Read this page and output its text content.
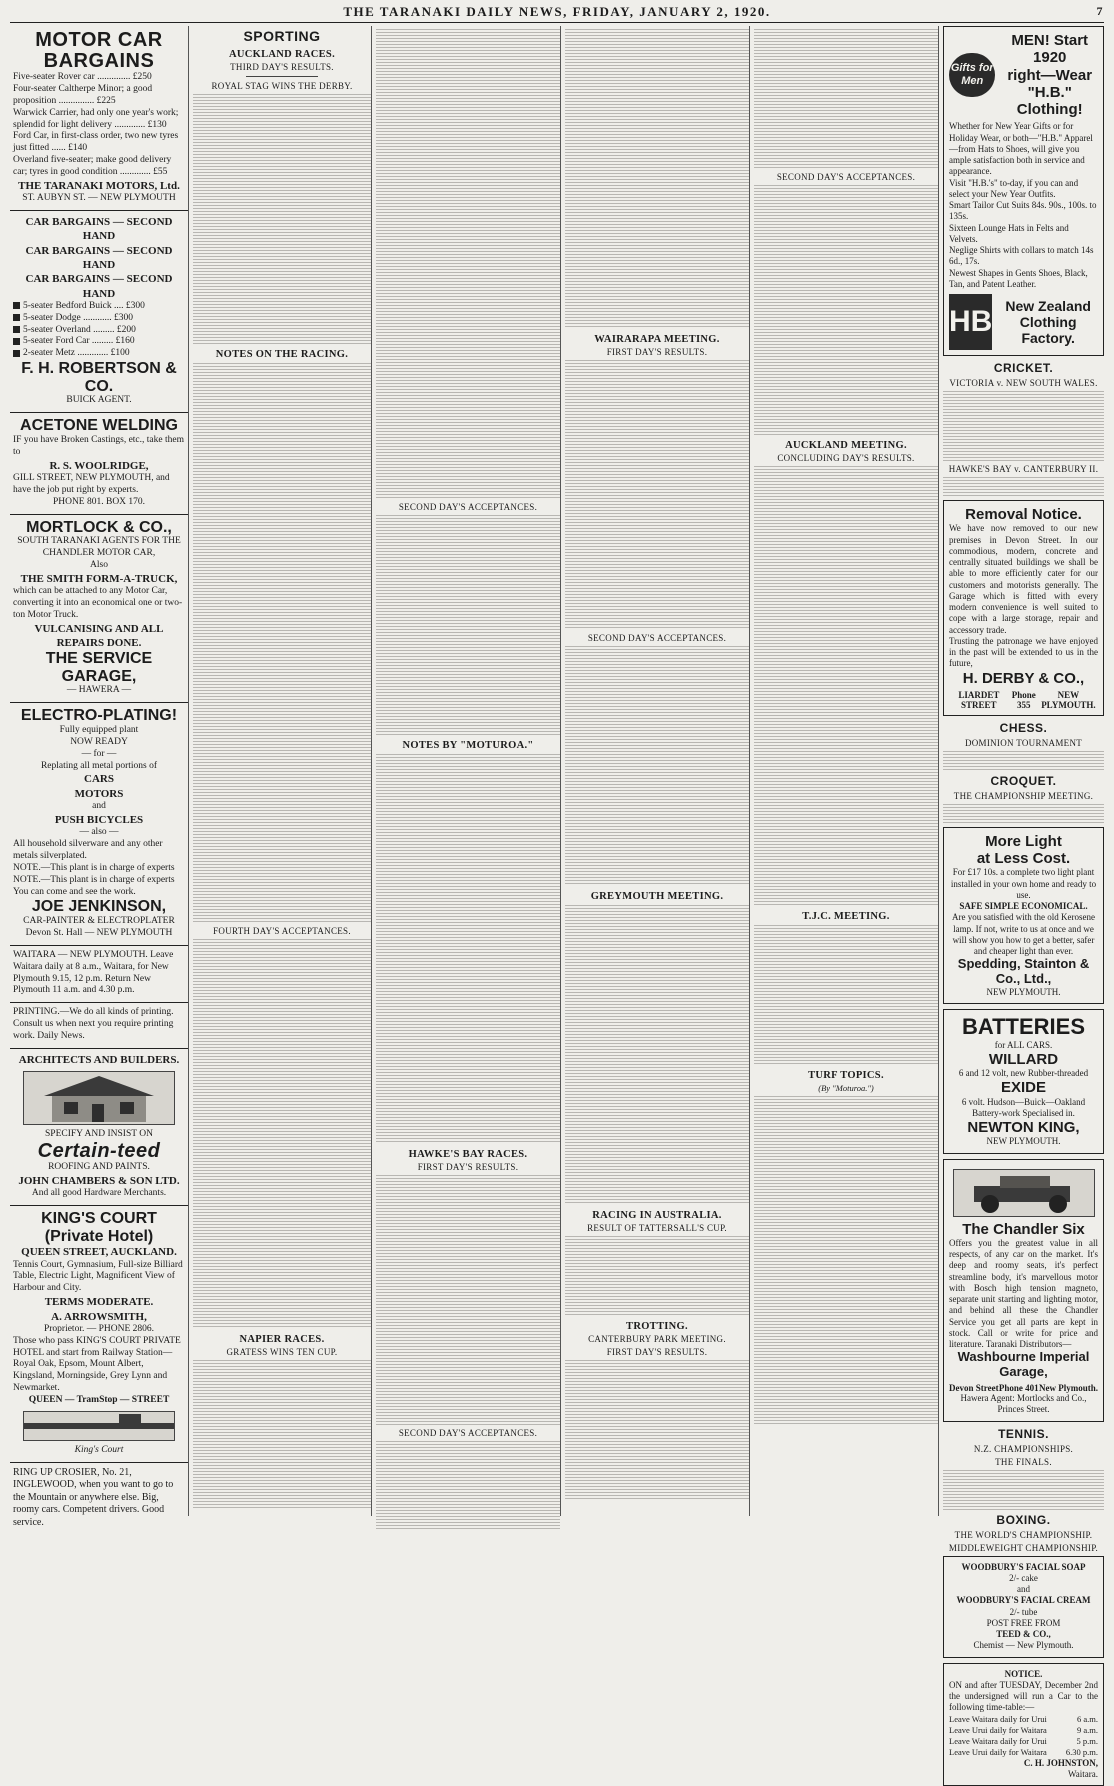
THE TARANAKI DAILY NEWS, FRIDAY, JANUARY 2, 1920.	7
MOTOR CAR
BARGAINS
Five-seater Rover car .............. £250
Four-seater Caltherpe Minor; a good proposition ............... £225
Warwick Carrier, had only one year's work; splendid for light delivery ............. £130
Ford Car, in first-class order, two new tyres just fitted ...... £140
Overland five-seater; make good delivery car; tyres in good condition ............. £55
THE TARANAKI MOTORS, Ltd.
ST. AUBYN ST. — NEW PLYMOUTH
CAR BARGAINS — SECOND HAND
CAR BARGAINS — SECOND HAND
CAR BARGAINS — SECOND HAND
5-seater Bedford Buick .... £300
5-seater Dodge ............ £300
5-seater Overland ......... £200
5-seater Ford Car ......... £160
2-seater Metz ............. £100
F. H. ROBERTSON & CO.
BUICK AGENT.
ACETONE WELDING
IF you have Broken Castings, etc., take them to
R. S. WOOLRIDGE,
GILL STREET, NEW PLYMOUTH, and have the job put right by experts.
PHONE 801. BOX 170.
MORTLOCK & CO.,
SOUTH TARANAKI AGENTS FOR THE CHANDLER MOTOR CAR,
Also
THE SMITH FORM-A-TRUCK,
which can be attached to any Motor Car, converting it into an economical one or two-ton Motor Truck.
VULCANISING AND ALL REPAIRS DONE.
THE SERVICE GARAGE,
— HAWERA —
ELECTRO-PLATING!
Fully equipped plant
NOW READY
— for —
Replating all metal portions of
CARS
MOTORS
and
PUSH BICYCLES
— also —
All household silverware and any other metals silverplated.
NOTE.—This plant is in charge of experts
NOTE.—This plant is in charge of experts
You can come and see the work.
JOE JENKINSON,
CAR-PAINTER & ELECTROPLATER
Devon St. Hall — NEW PLYMOUTH
WAITARA — NEW PLYMOUTH. Leave Waitara daily at 8 a.m., Waitara, for New Plymouth 9.15, 12 p.m. Return New Plymouth 11 a.m. and 4.30 p.m.
PRINTING.—We do all kinds of printing. Consult us when next you require printing work. Daily News.
ARCHITECTS AND BUILDERS.
SPECIFY AND INSIST ON
Certain-teed
ROOFING AND PAINTS.
JOHN CHAMBERS & SON LTD.
And all good Hardware Merchants.
KING'S COURT (Private Hotel)
QUEEN STREET, AUCKLAND.
Tennis Court, Gymnasium, Full-size Billiard Table, Electric Light, Magnificent View of Harbour and City.
TERMS MODERATE.
A. ARROWSMITH,
Proprietor. — PHONE 2806.
Those who pass KING'S COURT PRIVATE HOTEL and start from Railway Station—Royal Oak, Epsom, Mount Albert, Kingsland, Morningside, Grey Lynn and Newmarket.
QUEEN — TramStop — STREET
King's Court
RING UP CROSIER, No. 21, INGLEWOOD, when you want to go to the Mountain or anywhere else. Big, roomy cars. Competent drivers. Good service.
SPORTING
AUCKLAND RACES.
THIRD DAY'S RESULTS.
ROYAL STAG WINS THE DERBY.
NOTES ON THE RACING.
FOURTH DAY'S ACCEPTANCES.
NAPIER RACES.
GRATESS WINS TEN CUP.
SECOND DAY'S ACCEPTANCES.
NOTES BY "MOTUROA."
HAWKE'S BAY RACES.
FIRST DAY'S RESULTS.
SECOND DAY'S ACCEPTANCES.
WAIRARAPA MEETING.
FIRST DAY'S RESULTS.
SECOND DAY'S ACCEPTANCES.
GREYMOUTH MEETING.
RACING IN AUSTRALIA.
RESULT OF TATTERSALL'S CUP.
TROTTING.
CANTERBURY PARK MEETING.
FIRST DAY'S RESULTS.
SECOND DAY'S ACCEPTANCES.
AUCKLAND MEETING.
CONCLUDING DAY'S RESULTS.
T.J.C. MEETING.
TURF TOPICS.
(By "Moturoa.")
Gifts for Men
MEN! Start 1920
right—Wear "H.B."
Clothing!
Whether for New Year Gifts or for Holiday Wear, or both—"H.B." Apparel—from Hats to Shoes, will give you ample satisfaction both in service and appearance.
Visit "H.B.'s" to-day, if you can and select your New Year Outfits.
Smart Tailor Cut Suits 84s. 90s., 100s. to 135s.
Sixteen Lounge Hats in Felts and Velvets.
Neglige Shirts with collars to match 14s 6d., 17s.
Newest Shapes in Gents Shoes, Black, Tan, and Patent Leather.
HB New Zealand Clothing Factory.
CRICKET.
VICTORIA v. NEW SOUTH WALES.
HAWKE'S BAY v. CANTERBURY II.
Removal Notice.
We have now removed to our new premises in Devon Street. In our commodious, modern, concrete and centrally situated buildings we shall be able to more efficiently cater for our customers and motorists generally. The Garage which is fitted with every modern convenience is well suited to cope with a large storage, repair and accessory trade.
Trusting the patronage we have enjoyed in the past will be extended to us in the future,
H. DERBY & CO.,
LIARDET STREET
Phone 355
NEW PLYMOUTH.
CHESS.
DOMINION TOURNAMENT
CROQUET.
THE CHAMPIONSHIP MEETING.
More Light
at Less Cost.
For £17 10s. a complete two light plant installed in your own home and ready to use.
SAFE SIMPLE ECONOMICAL.
Are you satisfied with the old Kerosene lamp. If not, write to us at once and we will show you how to get a better, safer and cheaper light than ever.
Spedding, Stainton & Co., Ltd.,
NEW PLYMOUTH.
BATTERIES
for ALL CARS.
WILLARD
6 and 12 volt, new Rubber-threaded
EXIDE
6 volt. Hudson—Buick—Oakland
Battery-work Specialised in.
NEWTON KING,
NEW PLYMOUTH.
The Chandler Six
Offers you the greatest value in all respects, of any car on the market. It's deep and roomy seats, it's perfect streamline body, it's marvellous motor with Bosch high tension magneto, separate unit starting and lighting motor, and behind all these the Chandler Service you get all parts are kept in stock. Call or write for price and literature. Taranaki Distributors—
Washbourne Imperial Garage,
Devon Street Phone 401 New Plymouth.
Hawera Agent: Mortlocks and Co., Princes Street.
TENNIS.
N.Z. CHAMPIONSHIPS.
THE FINALS.
BOXING.
THE WORLD'S CHAMPIONSHIP.
MIDDLEWEIGHT CHAMPIONSHIP.
WOODBURY'S FACIAL SOAP
2/- cake
and
WOODBURY'S FACIAL CREAM
2/- tube
POST FREE FROM
TEED & CO.,
Chemist — New Plymouth.
NOTICE.
ON and after TUESDAY, December 2nd the undersigned will run a Car to the following time-table:—
Leave Waitara daily for Urui	6 a.m.
Leave Urui daily for Waitara	9 a.m.
Leave Waitara daily for Urui	5 p.m.
Leave Urui daily for Waitara 6.30 p.m.
C. H. JOHNSTON,
Waitara.
